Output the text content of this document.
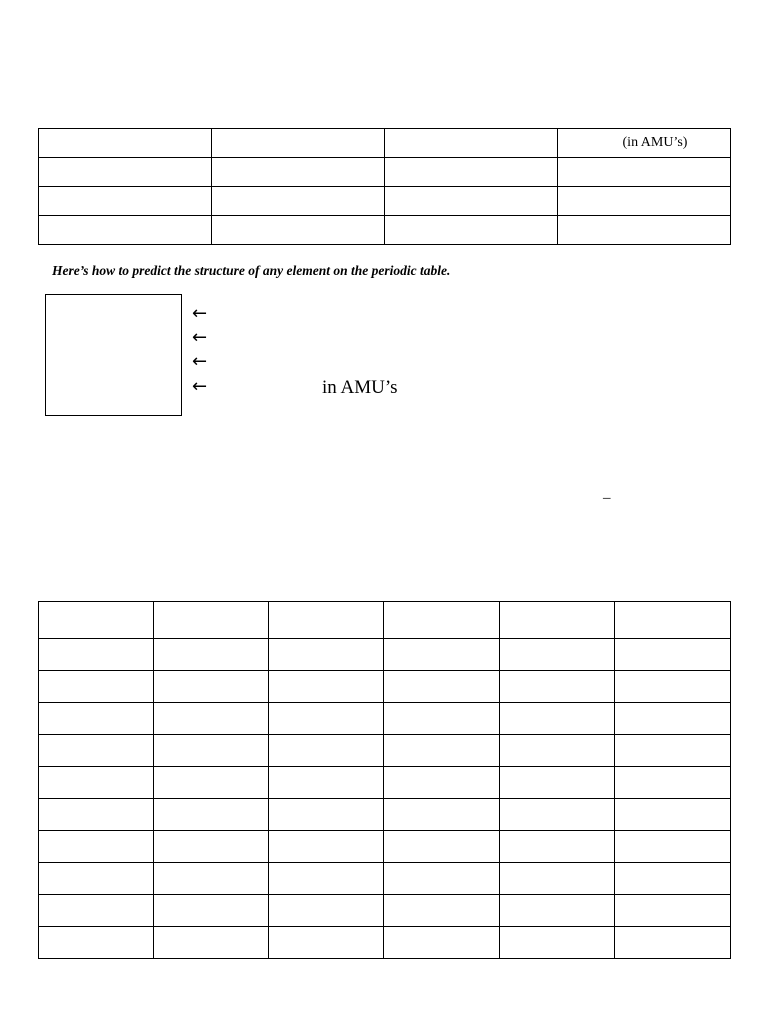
			(in AMU’s)

Here’s how to predict the structure of any element on the periodic table.

←
←
←
←	in AMU’s
–
